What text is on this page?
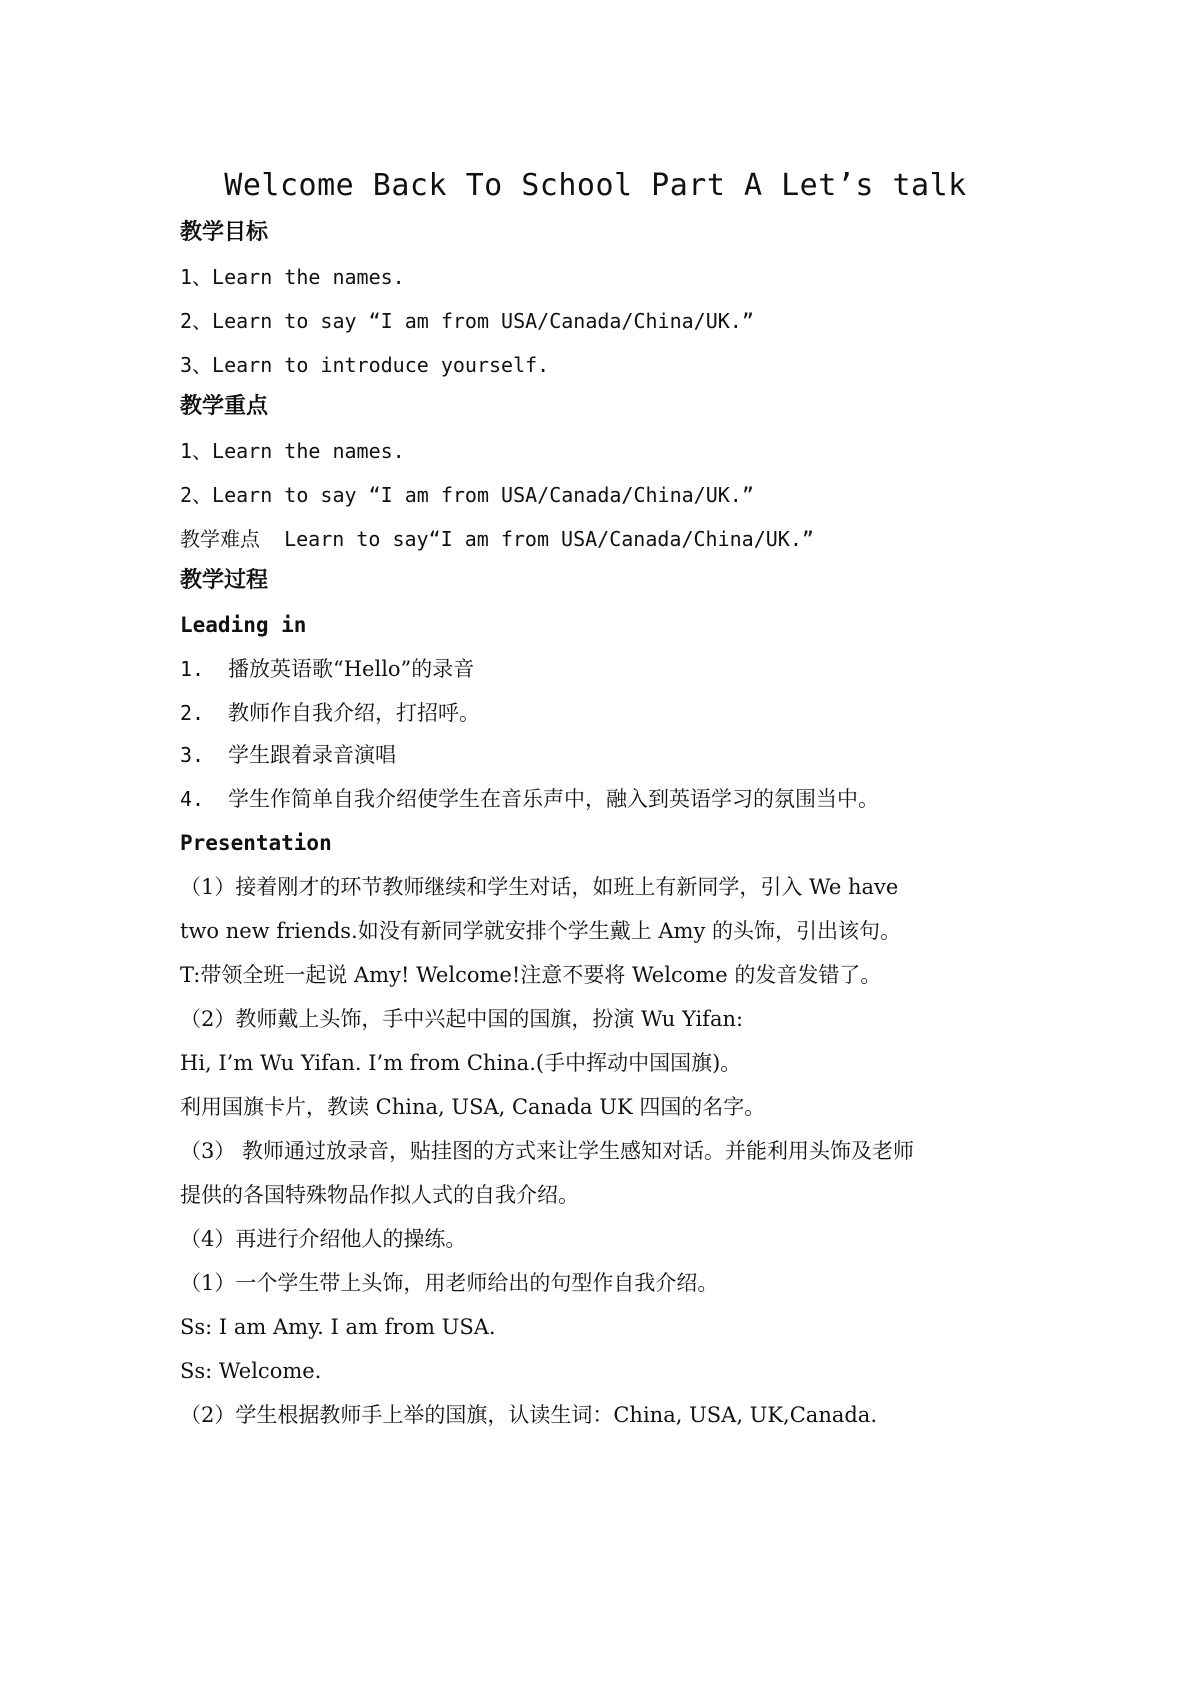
Welcome Back To School Part A Let’s talk
教学目标
1、Learn the names.
2、Learn to say “I am from USA/Canada/China/UK.”
3、Learn to introduce yourself.
教学重点
1、Learn the names.
2、Learn to say “I am from USA/Canada/China/UK.”
教学难点 Learn to say“I am from USA/Canada/China/UK.”
教学过程
Leading in
1. 播放英语歌“Hello”的录音
2. 教师作自我介绍，打招呼。
3. 学生跟着录音演唱
4. 学生作简单自我介绍使学生在音乐声中，融入到英语学习的氛围当中。
Presentation
（1）接着刚才的环节教师继续和学生对话，如班上有新同学，引入 We have
two new friends.如没有新同学就安排个学生戴上 Amy 的头饰，引出该句。
T:带领全班一起说 Amy! Welcome!注意不要将 Welcome 的发音发错了。
（2）教师戴上头饰，手中兴起中国的国旗，扮演 Wu Yifan:
Hi, I’m Wu Yifan. I’m from China.(手中挥动中国国旗)。
利用国旗卡片，教读 China, USA, Canada UK 四国的名字。
（3） 教师通过放录音，贴挂图的方式来让学生感知对话。并能利用头饰及老师
提供的各国特殊物品作拟人式的自我介绍。
（4）再进行介绍他人的操练。
（1）一个学生带上头饰，用老师给出的句型作自我介绍。
Ss: I am Amy. I am from USA.
Ss: Welcome.
（2）学生根据教师手上举的国旗，认读生词：China, USA, UK,Canada.
